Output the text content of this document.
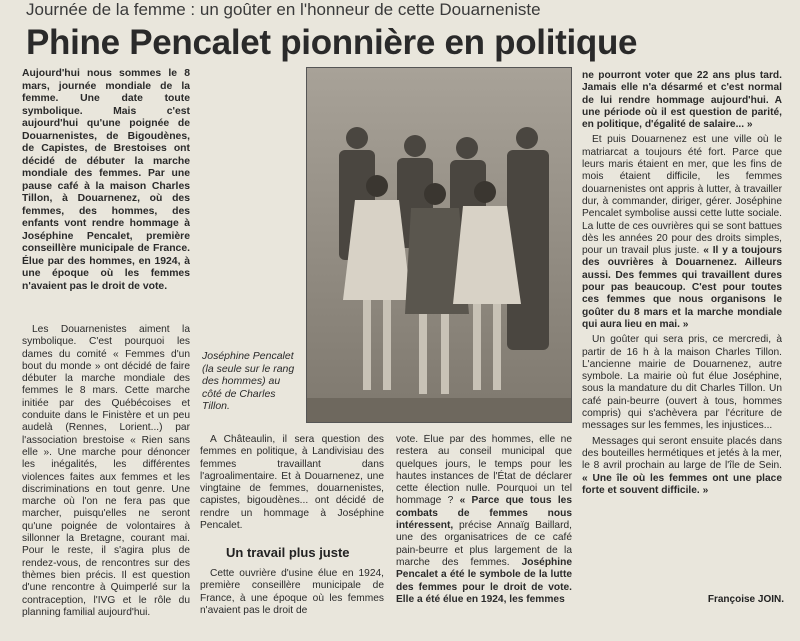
Journée de la femme : un goûter en l'honneur de cette Douarneniste
Phine Pencalet pionnière en politique

Aujourd'hui nous sommes le 8 mars, journée mondiale de la femme. Une date toute symbolique. Mais c'est aujourd'hui qu'une poignée de Douarnenistes, de Bigoudènes, de Capistes, de Brestoises ont décidé de débuter la marche mondiale des femmes. Par une pause café à la maison Charles Tillon, à Douarnenez, où des femmes, des hommes, des enfants vont rendre hommage à Joséphine Pencalet, première conseillère municipale de France. Élue par des hommes, en 1924, à une époque où les femmes n'avaient pas le droit de vote.

Les Douarnenistes aiment la symbolique. C'est pourquoi les dames du comité « Femmes d'un bout du monde » ont décidé de faire débuter la marche mondiale des femmes le 8 mars. Cette marche initiée par des Québécoises et conduite dans le Finistère et un peu audelà (Rennes, Lorient...) par l'association brestoise « Rien sans elle ». Une marche pour dénoncer les inégalités, les différentes violences faites aux femmes et les discriminations en tout genre. Une marche où l'on ne fera pas que marcher, puisqu'elles ne seront qu'une poignée de volontaires à sillonner la Bretagne, courant mai. Pour le reste, il s'agira plus de rendez-vous, de rencontres sur des thèmes bien précis. Il est question d'une rencontre à Quimperlé sur la contraception, l'IVG et le rôle du planning familial aujourd'hui.

Joséphine Pencalet (la seule sur le rang des hommes) au côté de Charles Tillon.

A Châteaulin, il sera question des femmes en politique, à Landivisiau des femmes travaillant dans l'agroalimentaire. Et à Douarnenez, une vingtaine de femmes, douarnenistes, capistes, bigoudènes... ont décidé de rendre un hommage à Joséphine Pencalet.

Un travail plus juste

Cette ouvrière d'usine élue en 1924, première conseillère municipale de France, à une époque où les femmes n'avaient pas le droit de

vote. Élue par des hommes, elle ne restera au conseil municipal que quelques jours, le temps pour les hautes instances de l'État de déclarer cette élection nulle. Pourquoi un tel hommage ? « Parce que tous les combats de femmes nous intéressent, précise Annaïg Baillard, une des organisatrices de ce café pain-beurre et plus largement de la marche des femmes. Joséphine Pencalet a été le symbole de la lutte des femmes pour le droit de vote. Elle a été élue en 1924, les femmes

ne pourront voter que 22 ans plus tard. Jamais elle n'a désarmé et c'est normal de lui rendre hommage aujourd'hui. A une période où il est question de parité, en politique, d'égalité de salaire... »

Et puis Douarnenez est une ville où le matriarcat a toujours été fort. Parce que leurs maris étaient en mer, que les fins de mois étaient difficile, les femmes douarnenistes ont appris à lutter, à travailler dur, à commander, diriger, gérer. Joséphine Pencalet symbolise aussi cette lutte sociale. La lutte de ces ouvrières qui se sont battues dès les années 20 pour des droits simples, pour un travail plus juste. « Il y a toujours des ouvrières à Douarnenez. Ailleurs aussi. Des femmes qui travaillent dures pour pas beaucoup. C'est pour toutes ces femmes que nous organisons le goûter du 8 mars et la marche mondiale qui aura lieu en mai. »

Un goûter qui sera pris, ce mercredi, à partir de 16 h à la maison Charles Tillon. L'ancienne mairie de Douarnenez, autre symbole. La mairie où fut élue Joséphine, sous la mandature du dit Charles Tillon. Un café pain-beurre (ouvert à tous, hommes compris) qui s'achèvera par l'écriture de messages sur les femmes, les injustices...

Messages qui seront ensuite placés dans des bouteilles hermétiques et jetés à la mer, le 8 avril prochain au large de l'île de Sein. « Une île où les femmes ont une place forte et souvent difficile. »

Françoise JOIN.
